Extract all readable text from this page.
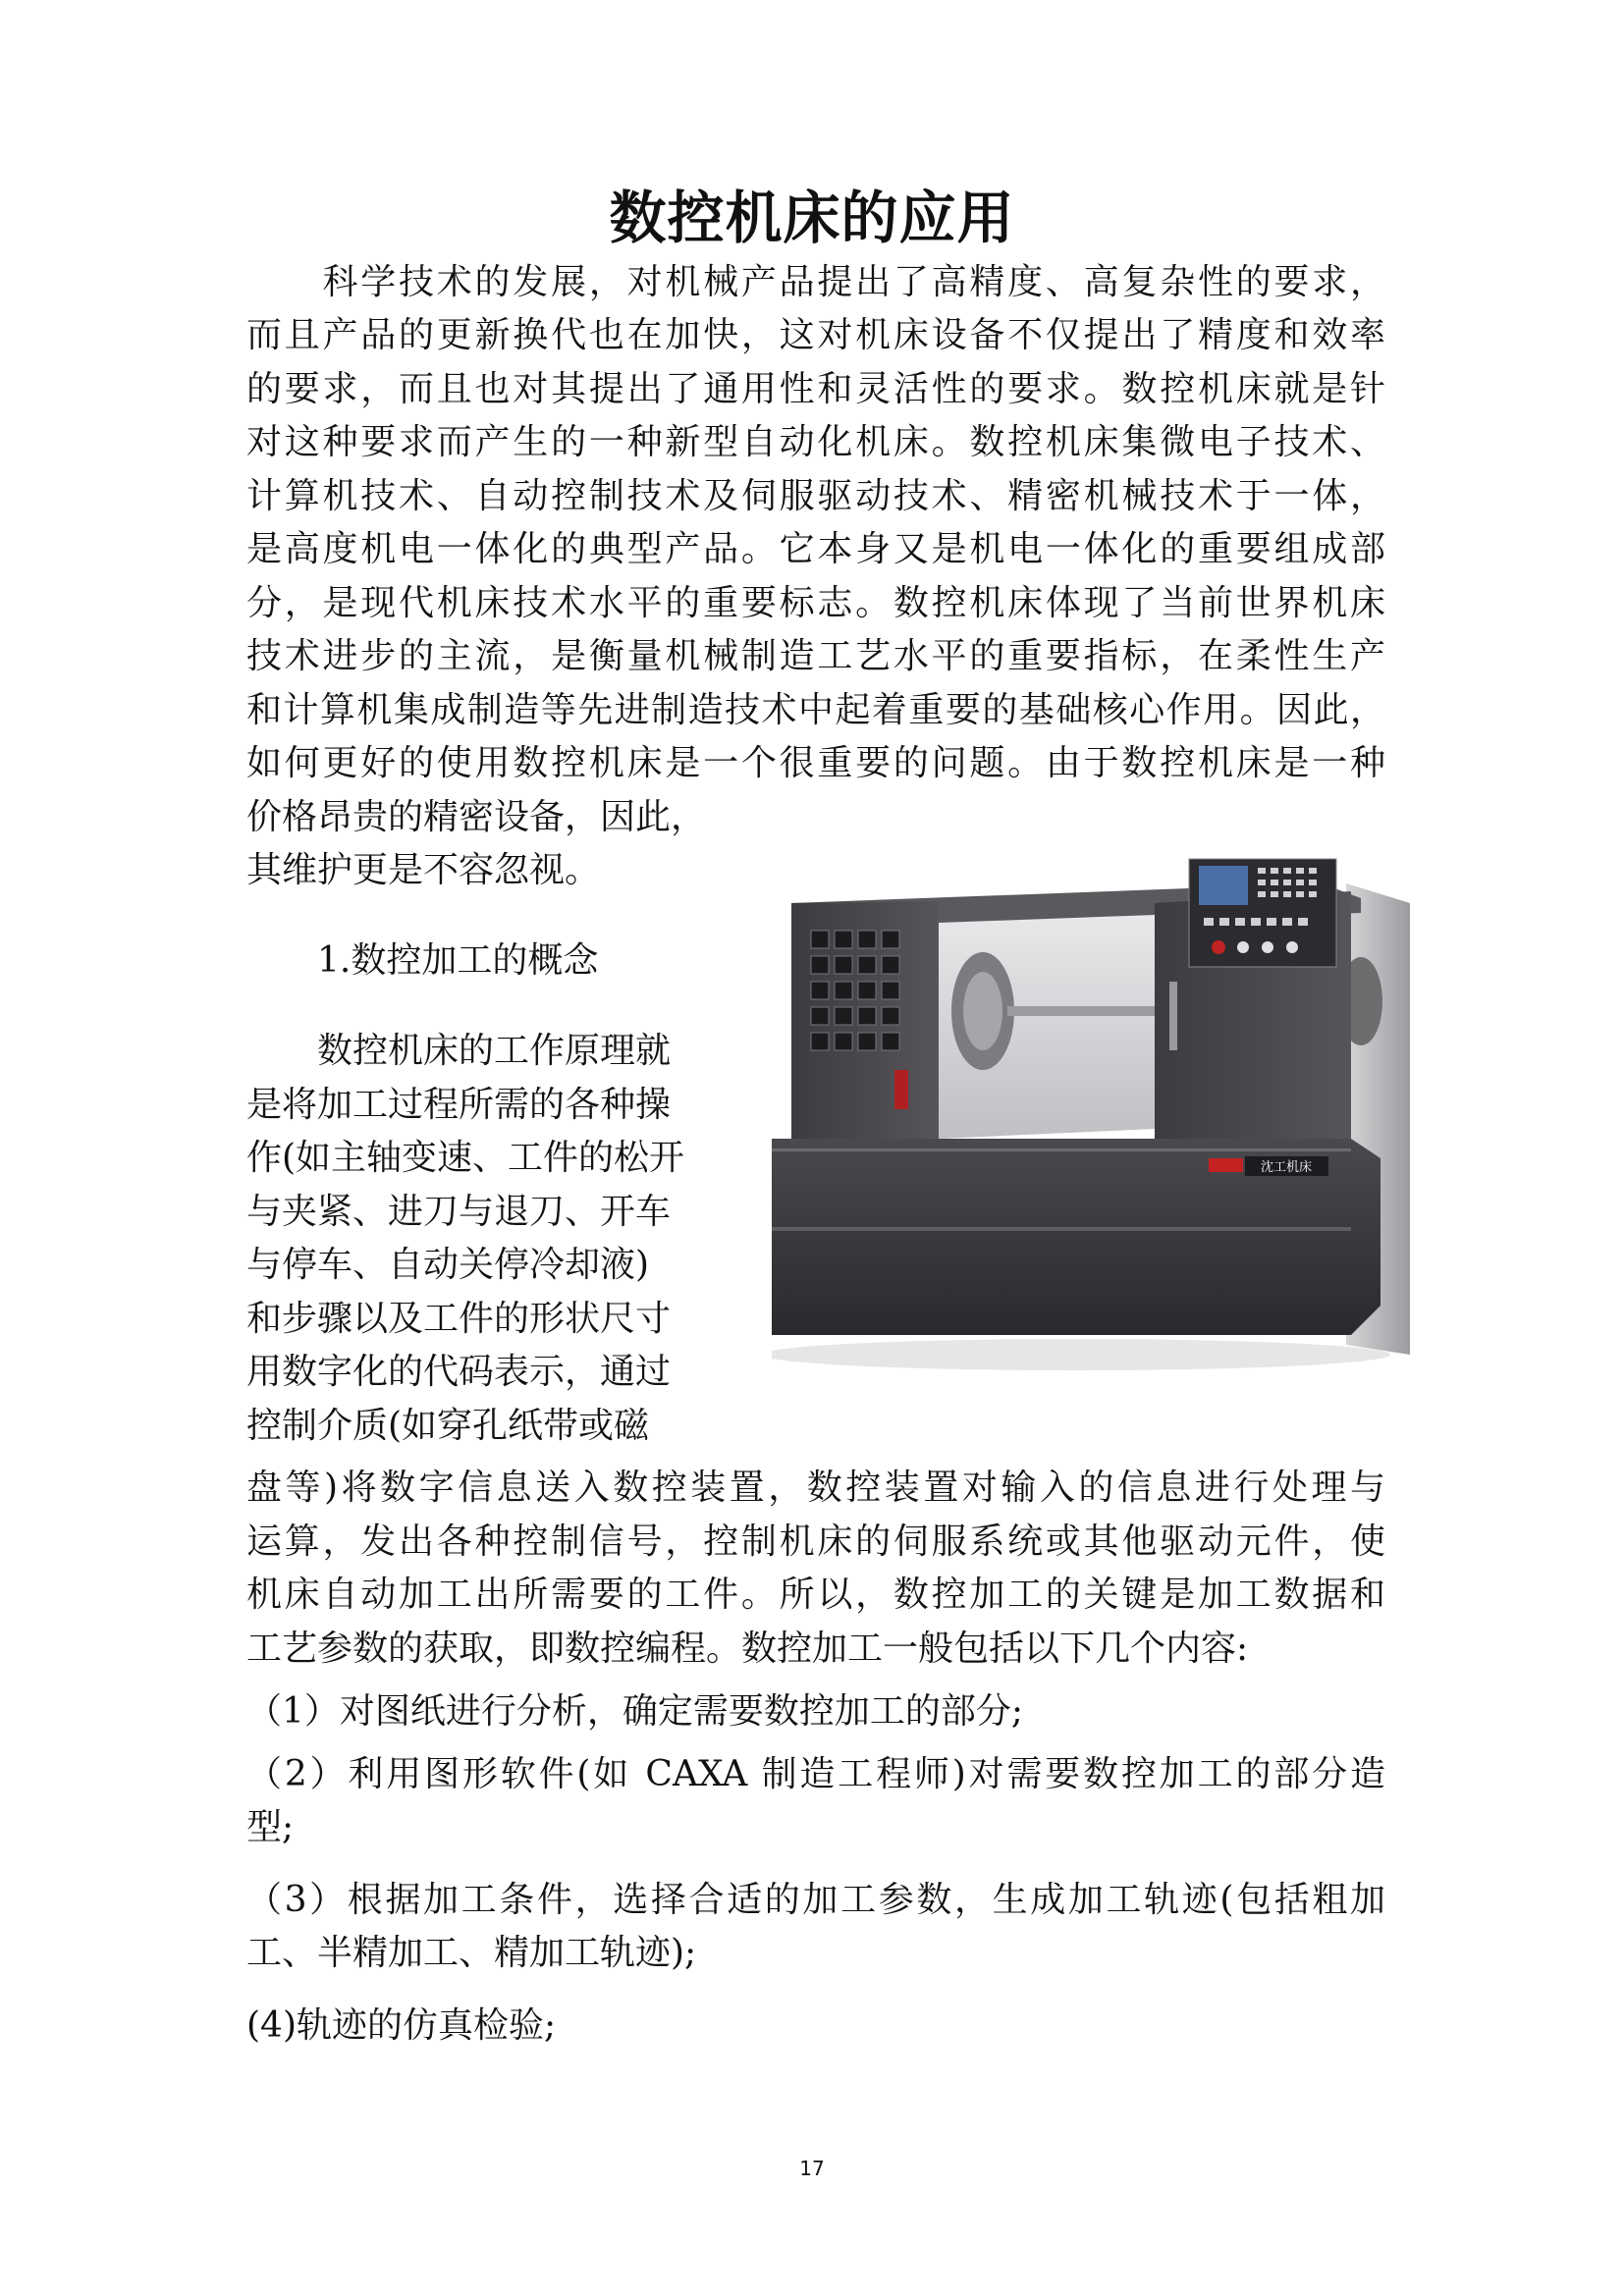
数控机床的应用
　　科学技术的发展，对机械产品提出了高精度、高复杂性的要求，
而且产品的更新换代也在加快，这对机床设备不仅提出了精度和效率
的要求，而且也对其提出了通用性和灵活性的要求。数控机床就是针
对这种要求而产生的一种新型自动化机床。数控机床集微电子技术、
计算机技术、自动控制技术及伺服驱动技术、精密机械技术于一体，
是高度机电一体化的典型产品。它本身又是机电一体化的重要组成部
分，是现代机床技术水平的重要标志。数控机床体现了当前世界机床
技术进步的主流，是衡量机械制造工艺水平的重要指标，在柔性生产
和计算机集成制造等先进制造技术中起着重要的基础核心作用。因此，
如何更好的使用数控机床是一个很重要的问题。由于数控机床是一种
价格昂贵的精密设备，因此，
其维护更是不容忽视。
　　1.数控加工的概念
　　数控机床的工作原理就
是将加工过程所需的各种操
作(如主轴变速、工件的松开
与夹紧、进刀与退刀、开车
与停车、自动关停冷却液)
和步骤以及工件的形状尺寸
用数字化的代码表示，通过
控制介质(如穿孔纸带或磁
盘等)将数字信息送入数控装置，数控装置对输入的信息进行处理与
运算，发出各种控制信号，控制机床的伺服系统或其他驱动元件，使
机床自动加工出所需要的工件。所以，数控加工的关键是加工数据和
工艺参数的获取，即数控编程。数控加工一般包括以下几个内容:
（1）对图纸进行分析，确定需要数控加工的部分;
（2）利用图形软件(如 CAXA 制造工程师)对需要数控加工的部分造
型;
（3）根据加工条件，选择合适的加工参数，生成加工轨迹(包括粗加
工、半精加工、精加工轨迹);
(4)轨迹的仿真检验;
沈工机床
17
